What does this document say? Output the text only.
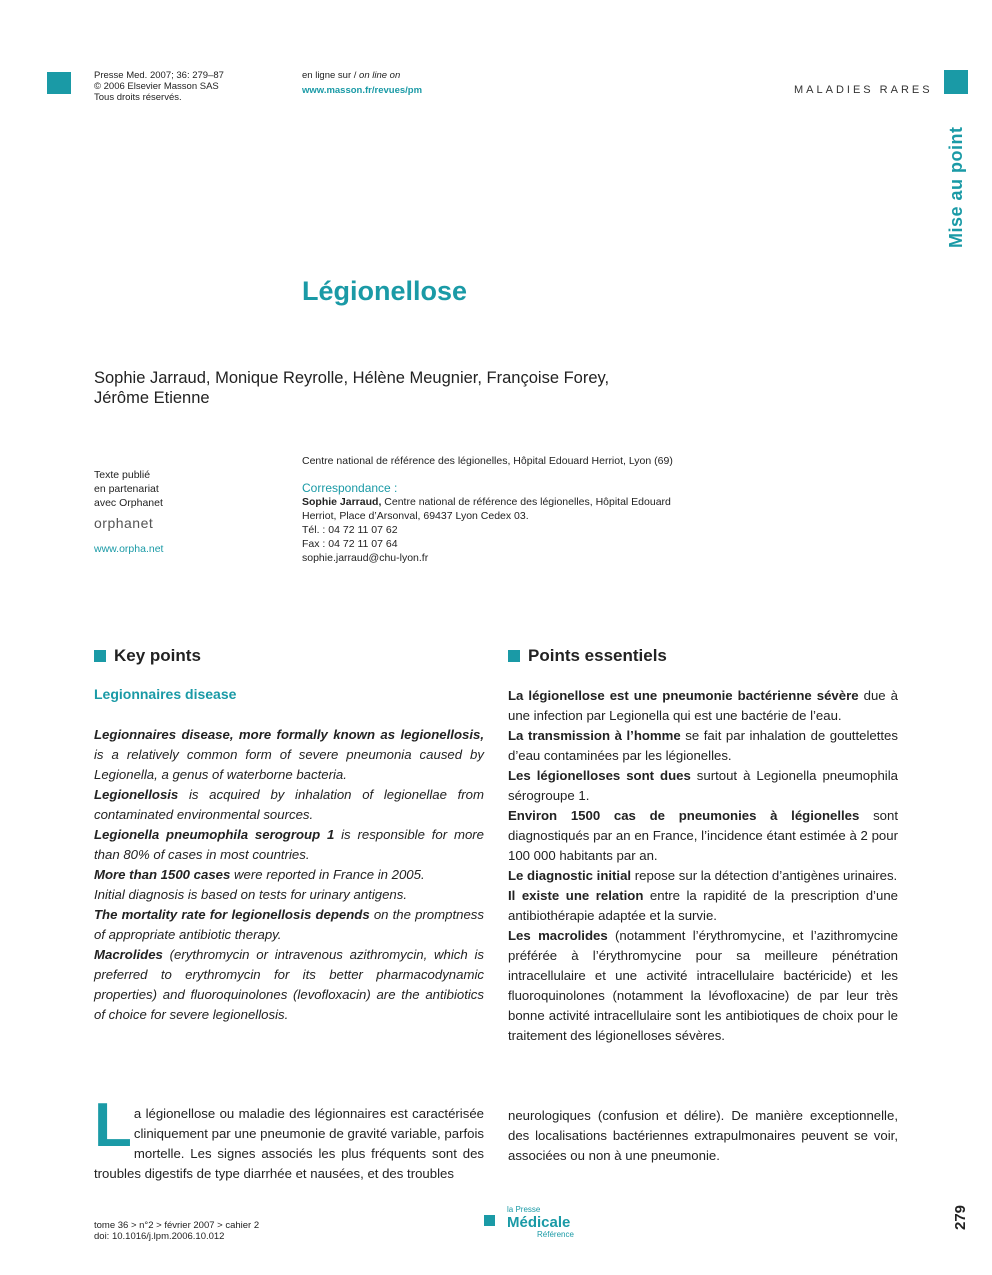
Presse Med. 2007; 36: 279–87
© 2006 Elsevier Masson SAS
Tous droits réservés.
en ligne sur / on line on
www.masson.fr/revues/pm	MALADIES RARES
Mise au point
Légionellose
Sophie Jarraud, Monique Reyrolle, Hélène Meugnier, Françoise Forey,
Jérôme Etienne
Texte publié
en partenariat
avec Orphanet
orphanet
www.orpha.net
Centre national de référence des légionelles, Hôpital Edouard Herriot, Lyon (69)
Correspondance :
Sophie Jarraud, Centre national de référence des légionelles, Hôpital Edouard
Herriot, Place d’Arsonval, 69437 Lyon Cedex 03.
Tél. : 04 72 11 07 62
Fax : 04 72 11 07 64
sophie.jarraud@chu-lyon.fr
Key points
Legionnaires disease

Legionnaires disease, more formally known as legionellosis, is a relatively common form of severe pneumonia caused by Legionella, a genus of waterborne bacteria.

Legionellosis is acquired by inhalation of legionellae from contaminated environmental sources.

Legionella pneumophila serogroup 1 is responsible for more than 80% of cases in most countries.

More than 1500 cases were reported in France in 2005.

Initial diagnosis is based on tests for urinary antigens.

The mortality rate for legionellosis depends on the promptness of appropriate antibiotic therapy.

Macrolides (erythromycin or intravenous azithromycin, which is preferred to erythromycin for its better pharmacodynamic properties) and fluoroquinolones (levofloxacin) are the antibiotics of choice for severe legionellosis.

Points essentiels

La légionellose est une pneumonie bactérienne sévère due à une infection par Legionella qui est une bactérie de l’eau.

La transmission à l’homme se fait par inhalation de gouttelettes d’eau contaminées par les légionelles.

Les légionelloses sont dues surtout à Legionella pneumophila sérogroupe 1.

Environ 1500 cas de pneumonies à légionelles sont diagnostiqués par an en France, l’incidence étant estimée à 2 pour 100 000 habitants par an.

Le diagnostic initial repose sur la détection d’antigènes urinaires.

Il existe une relation entre la rapidité de la prescription d’une antibiothérapie adaptée et la survie.

Les macrolides (notamment l’érythromycine, et l’azithromycine préférée à l’érythromycine pour sa meilleure pénétration intracellulaire et une activité intracellulaire bactéricide) et les fluoroquinolones (notamment la lévofloxacine) de par leur très bonne activité intracellulaire sont les antibiotiques de choix pour le traitement des légionelloses sévères.

L a légionellose ou maladie des légionnaires est caractérisée cliniquement par une pneumonie de gravité variable, parfois mortelle. Les signes associés les plus fréquents sont des troubles digestifs de type diarrhée et nausées, et des troubles
neurologiques (confusion et délire). De manière exceptionnelle, des localisations bactériennes extrapulmonaires peuvent se voir, associées ou non à une pneumonie.
tome 36 > n°2 > février 2007 > cahier 2
doi: 10.1016/j.lpm.2006.10.012
la Presse
Médicale
Référence
279
